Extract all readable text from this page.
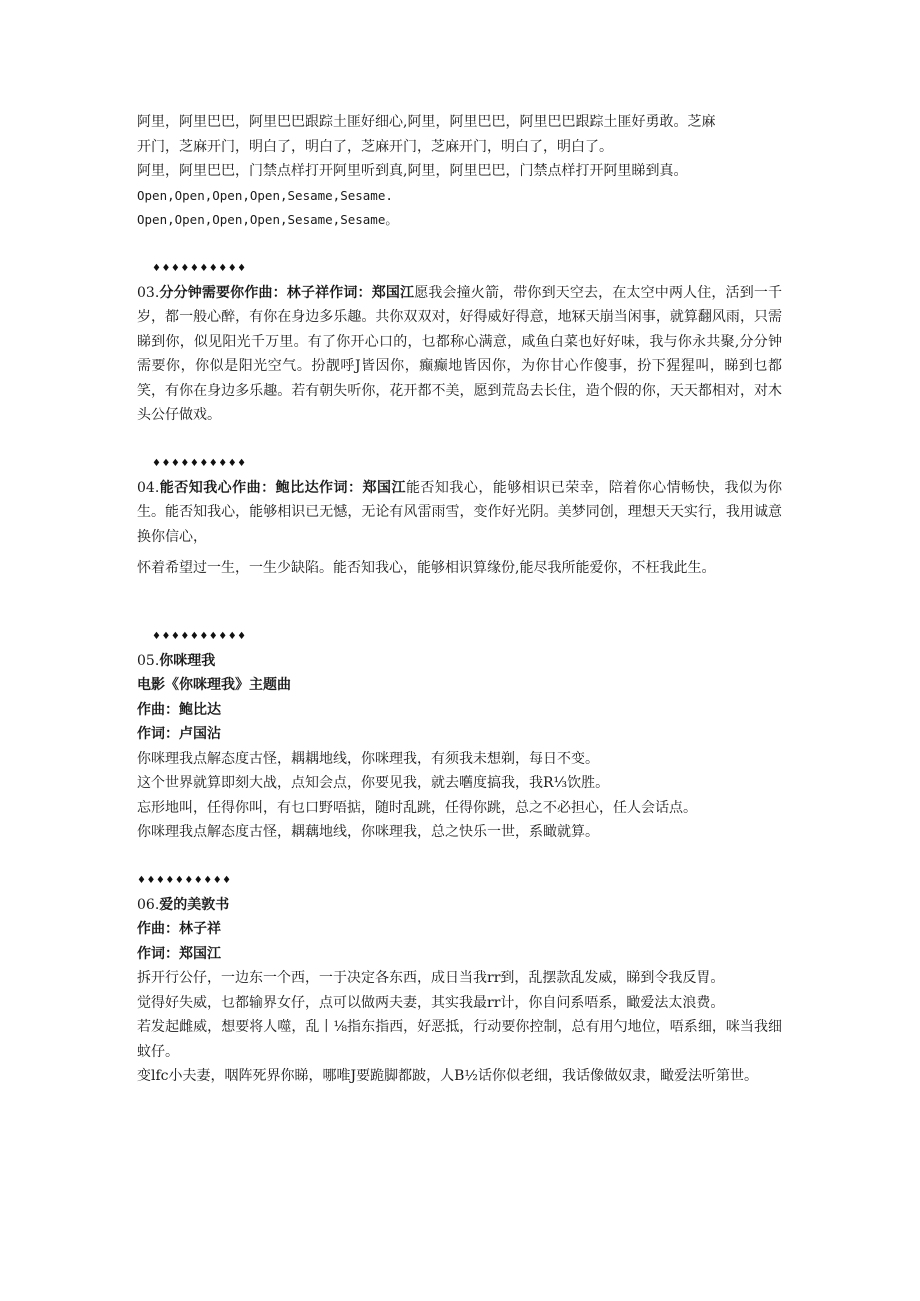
阿里，阿里巴巴，阿里巴巴跟踪土匪好细心,阿里，阿里巴巴，阿里巴巴跟踪土匪好勇敢。芝麻
开门，芝麻开门，明白了，明白了，芝麻开门，芝麻开门，明白了，明白了。
阿里，阿里巴巴，门禁点样打开阿里听到真,阿里，阿里巴巴，门禁点样打开阿里睇到真。
Open,Open,Open,Open,Sesame,Sesame.
Open,Open,Open,Open,Sesame,Sesame。
♦♦♦♦♦♦♦♦♦♦

03.分分钟需要你作曲：林子祥作词：郑国江愿我会撞火箭，带你到天空去，在太空中两人住，活到一千岁，都一般心醉，有你在身边多乐趣。共你双双对，好得威好得意，地冧天崩当闲事，就算翻风雨，只需睇到你，似见阳光千万里。有了你开心口的，乜都称心满意，咸鱼白菜也好好味，我与你永共聚,分分钟需要你，你似是阳光空气。扮靓呼J皆因你，癫癫地皆因你，为你甘心作傻事，扮下猩猩叫，睇到乜都笑，有你在身边多乐趣。若有朝失听你，花开都不美，愿到荒岛去长住，造个假的你，天天都相对，对木头公仔做戏。

♦♦♦♦♦♦♦♦♦♦

04.能否知我心作曲：鲍比达作词：郑国江能否知我心，能够相识已荣幸，陪着你心情畅快，我似为你生。能否知我心，能够相识已无憾，无论有风雷雨雪，变作好光阴。美梦同创，理想天天实行，我用诚意换你信心，

怀着希望过一生，一生少缺陷。能否知我心，能够相识算缘份,能尽我所能爱你，不枉我此生。

♦♦♦♦♦♦♦♦♦♦
05.你咪理我
电影《你咪理我》主题曲
作曲：鲍比达
作词：卢国沾
你咪理我点解态度古怪，耦耦地线，你咪理我，有须我未想剃，每日不变。
这个世界就算即刻大战，点知会点，你要见我，就去嚿度搞我，我R⅓饮胜。
忘形地叫，任得你叫，有乜口野唔掂，随时乱跳，任得你跳，总之不必担心，任人会话点。
你咪理我点解态度古怪，耦藕地线，你咪理我，总之快乐一世，系瞰就算。
♦♦♦♦♦♦♦♦♦♦
06.爱的美敦书
作曲：林子祥
作词：郑国江

拆开行公仔，一边东一个西，一于决定各东西，成日当我rr到，乱摆款乱发威，睇到令我反胃。

觉得好失威，乜都输界女仔，点可以做两夫妻，其实我最rr计，你自问系唔系，瞰爱法太浪费。

若发起雌威，想要将人噬，乱丨⅛指东指西，好恶抵，行动要你控制，总有用勺地位，唔系细，咪当我细蚊仔。

变lfc小夫妻，咽阵死界你睇，哪唯J要跪脚都跛，人B½话你似老细，我话像做奴隶，瞰爱法听第世。
